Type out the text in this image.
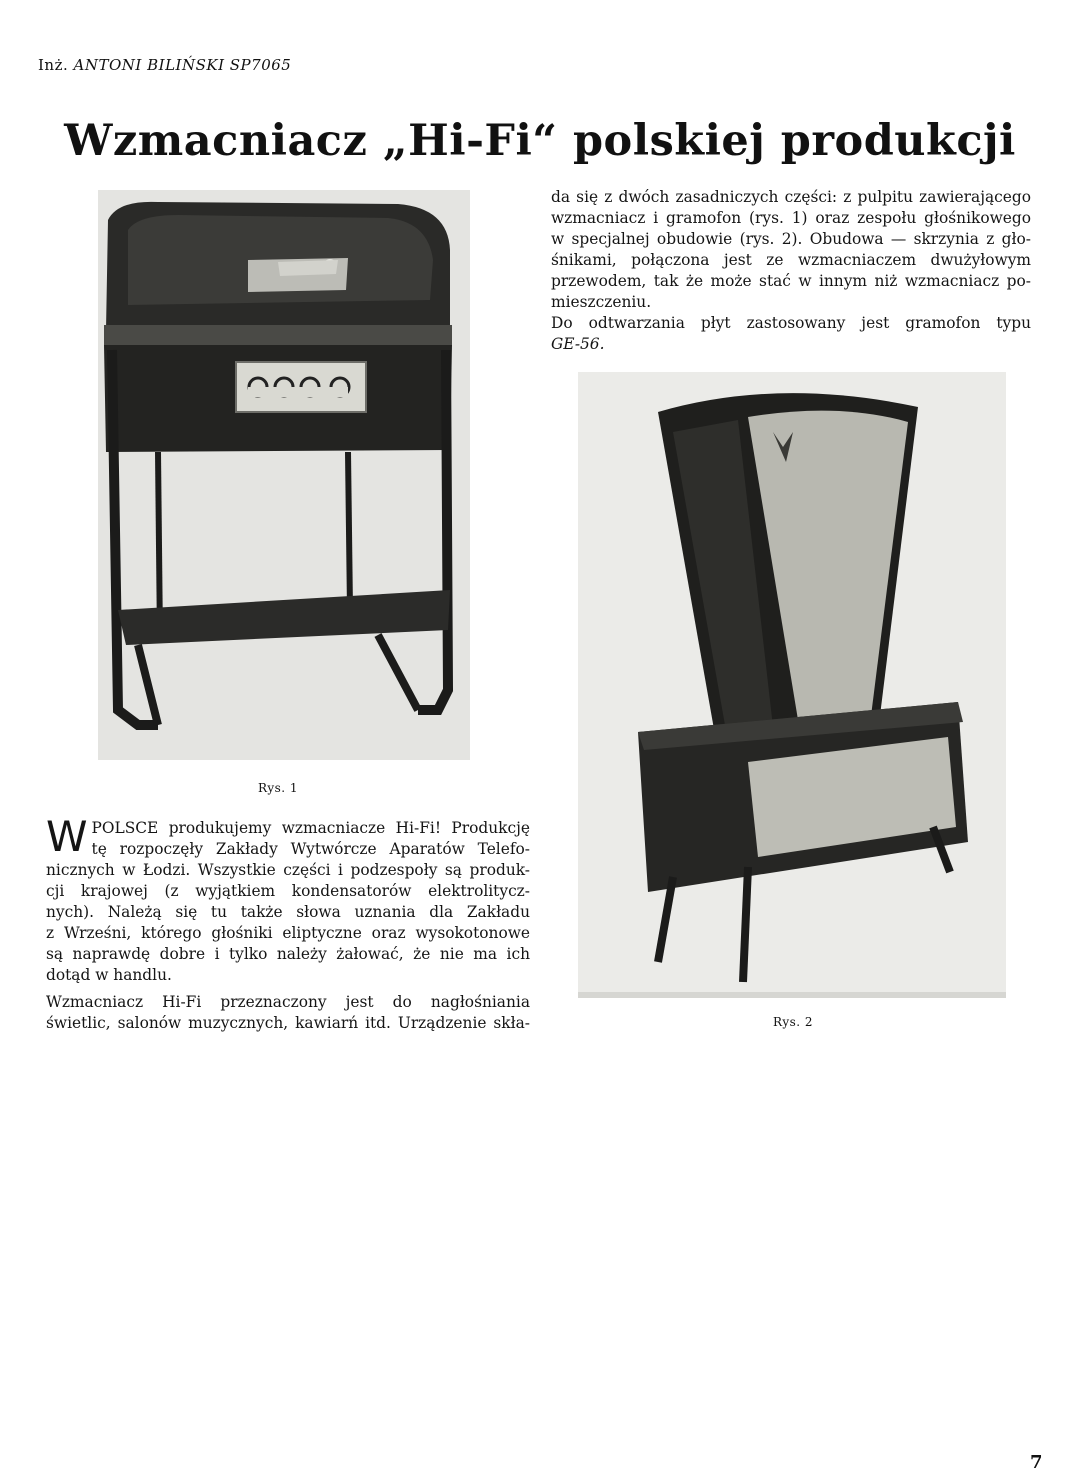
Inż. ANTONI BILIŃSKI SP7065
Wzmacniacz „Hi-Fi“ polskiej produkcji
Rys. 1
Rys. 2

da się z dwóch zasadniczych części: z pulpitu zawierającego
wzmacniacz i gramofon (rys. 1) oraz zespołu głośnikowego
w specjalnej obudowie (rys. 2). Obudowa — skrzynia z gło-
śnikami, połączona jest ze wzmacniaczem dwużyłowym
przewodem, tak że może stać w innym niż wzmacniacz po-
mieszczeniu.

Do odtwarzania płyt zastosowany jest gramofon typu
GE-56.

W POLSCE produkujemy wzmacniacze Hi-Fi! Produkcję
tę rozpoczęły Zakłady Wytwórcze Aparatów Telefo-
nicznych w Łodzi. Wszystkie części i podzespoły są produk-
cji krajowej (z wyjątkiem kondensatorów elektrolitycz-
nych). Należą się tu także słowa uznania dla Zakładu
z Wrześni, którego głośniki eliptyczne oraz wysokotonowe
są naprawdę dobre i tylko należy żałować, że nie ma ich
dotąd w handlu.

Wzmacniacz Hi-Fi przeznaczony jest do nagłośniania
świetlic, salonów muzycznych, kawiarń itd. Urządzenie skła-

7
